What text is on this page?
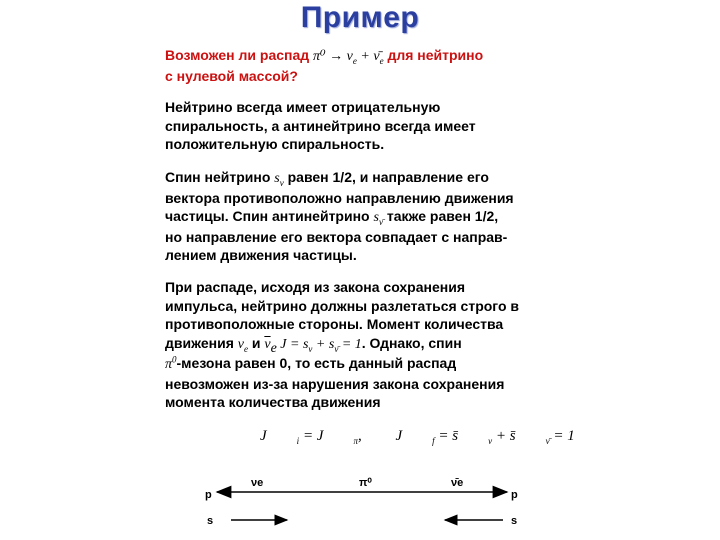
Пример
Возможен ли распад $\pi^0 \to \nu_e$ + $\nū_e$ для нейтрино
с нулевой массой?
Нейтрино всегда имеет отрицательную
спиральность, а антинейтрино всегда имеет
положительную спиральность.
Спин нейтрино $s_\nu$ равен 1/2, и направление его
вектора противоположно направлению движения
частицы. Спин антинейтрино $s_{\nū}$ также равен 1/2,
но направление его вектора совпадает с направ-
лением движения частицы.
При распаде, исходя из закона сохранения
импульса, нейтрино должны разлетаться строго в
противоположные стороны. Момент количества
движения $\nu_e$ и $\overline{\nu}_e$ $J = s_\nu + s_{\nū} = 1$. Однако, спин
$\pi^0$-мезона равен 0, то есть данный распад
невозможен из-за нарушения закона сохранения
момента количества движения
J	$_i$ = J	$_\pi$, J	$_f$ = s̄	$_\nu$ + s̄	$_{\nū}$ = 1
p	p
νe	ν̄e
π⁰
s	s
